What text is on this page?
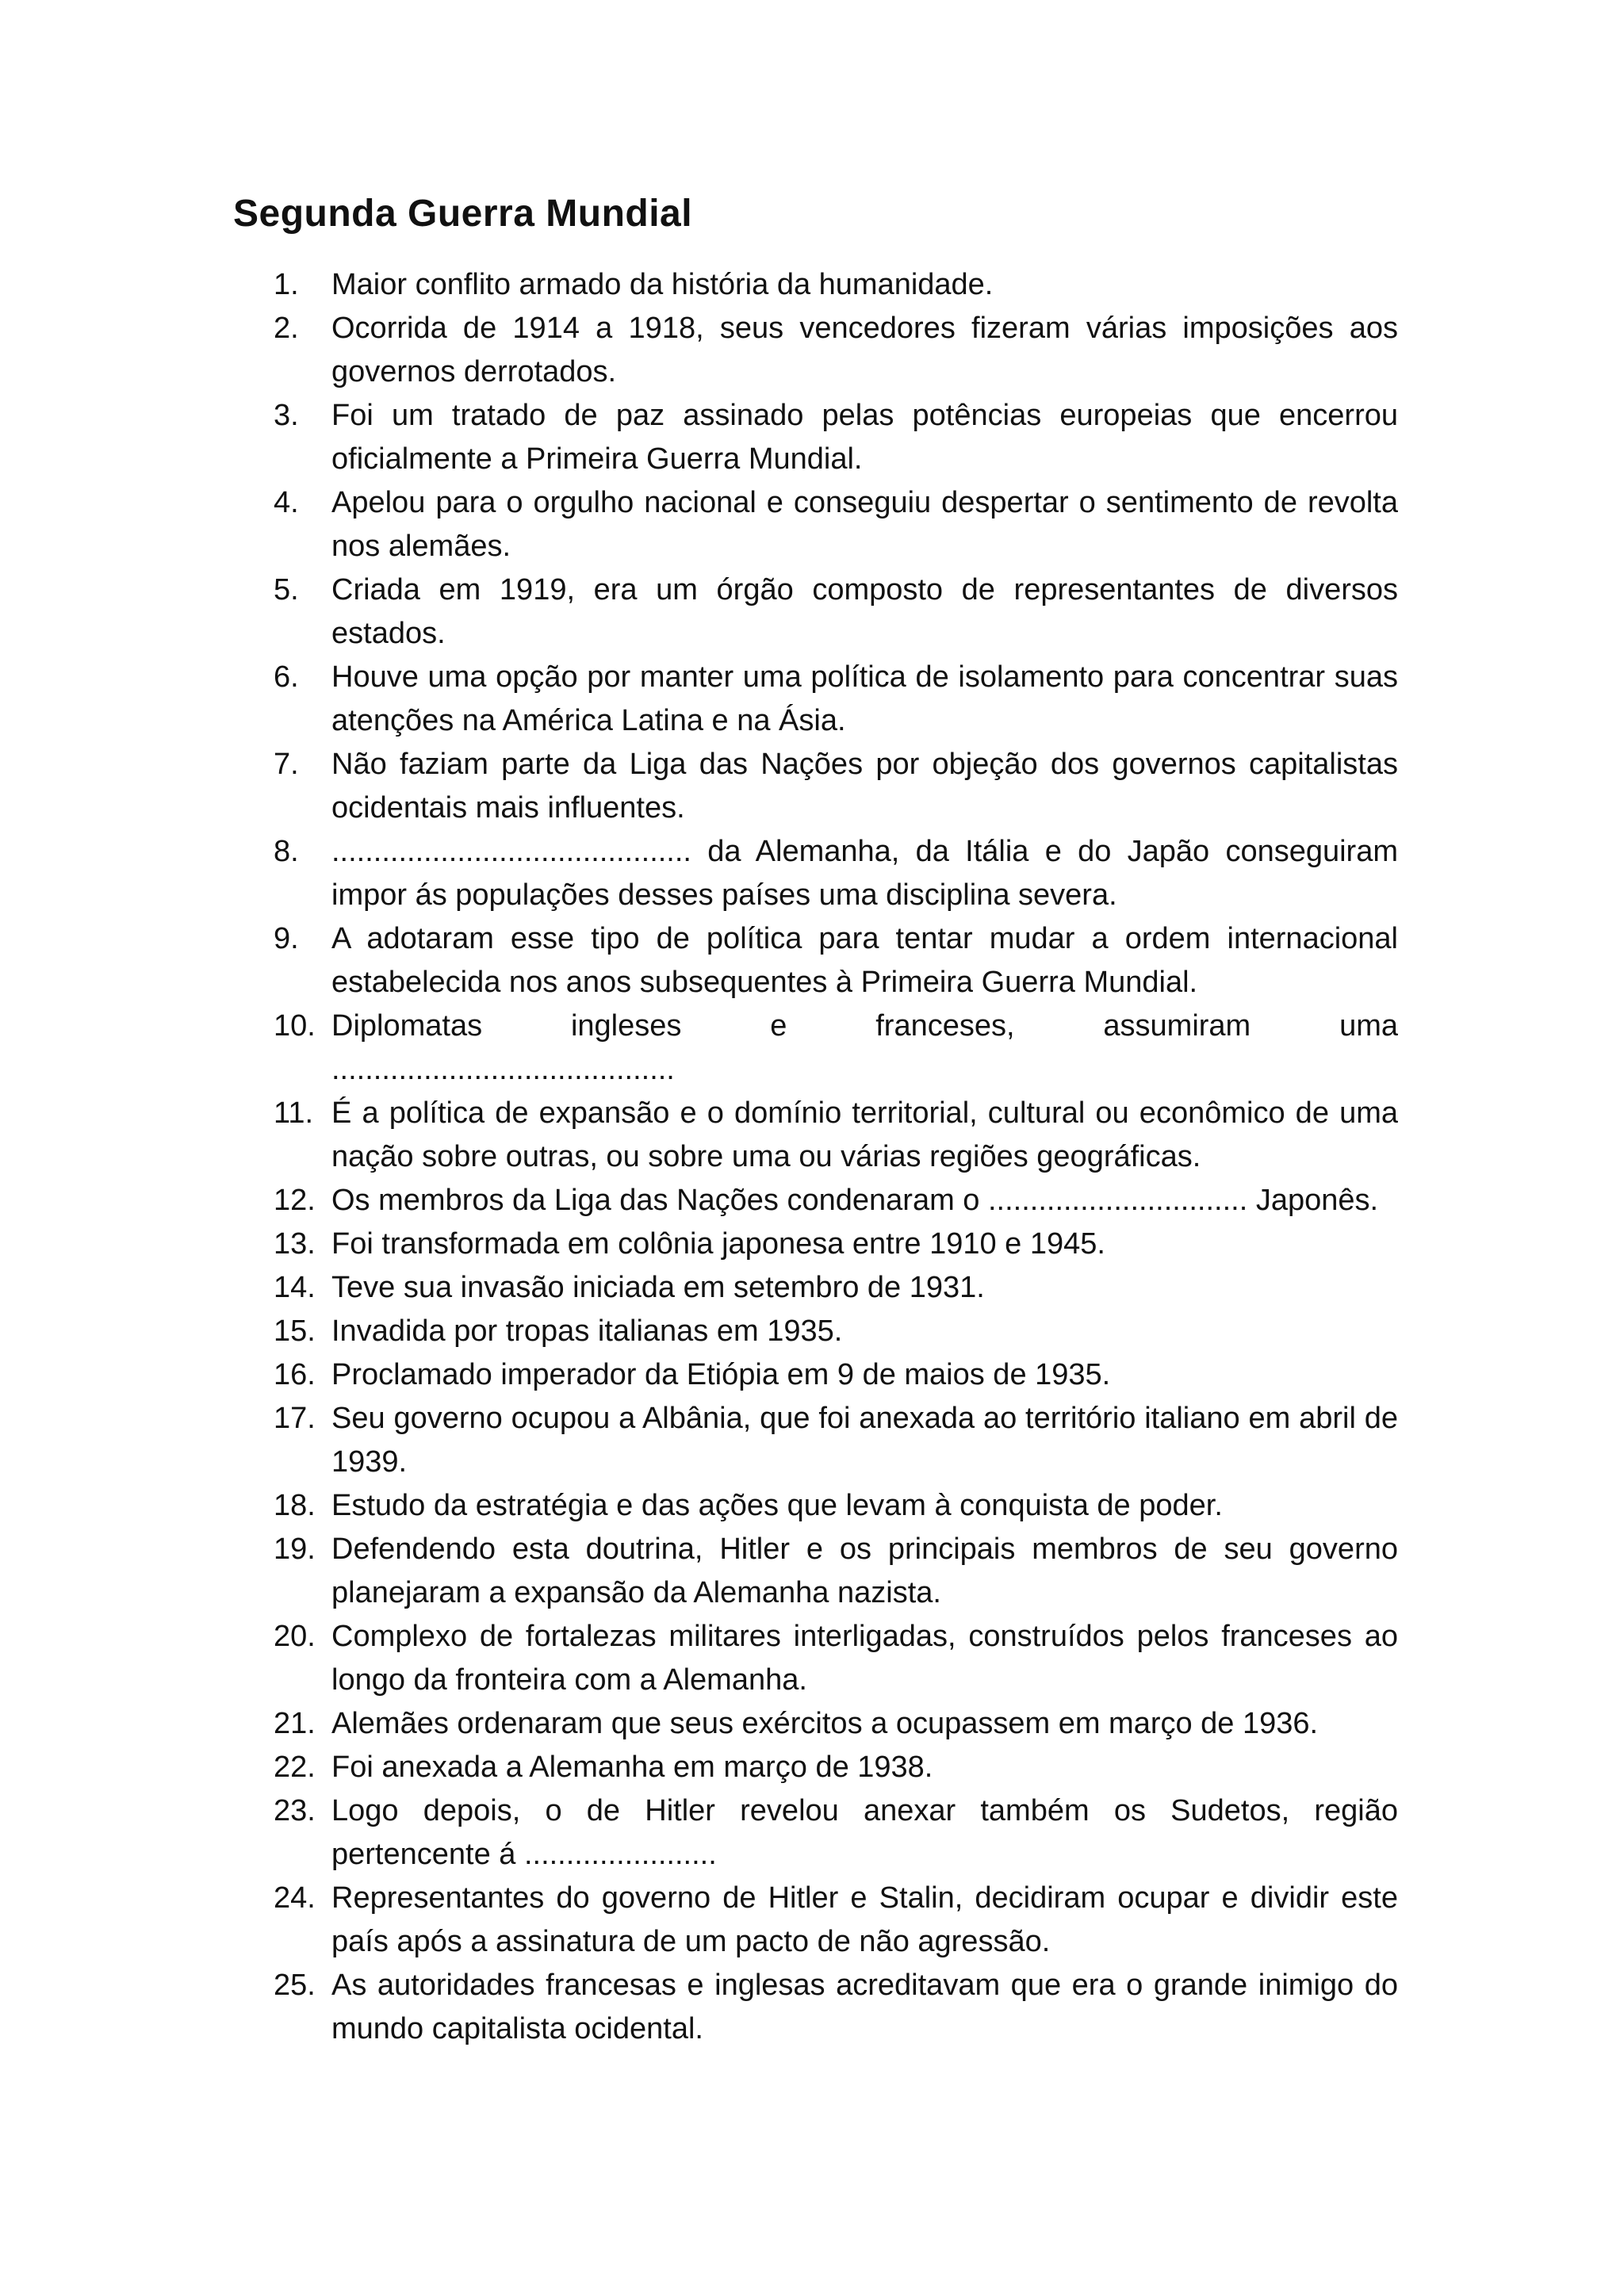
Segunda Guerra Mundial
1.	Maior conflito armado da história da humanidade.
2.	Ocorrida de 1914 a 1918, seus vencedores fizeram várias imposições aos governos derrotados.
3.	Foi um tratado de paz assinado pelas potências europeias que encerrou oficialmente a Primeira Guerra Mundial.
4.	Apelou para o orgulho nacional e conseguiu despertar o sentimento de revolta nos alemães.
5.	Criada em 1919, era um órgão composto de representantes de diversos estados.
6.	Houve uma opção por manter uma política de isolamento para concentrar suas atenções na América Latina e na Ásia.
7.	Não faziam parte da Liga das Nações por objeção dos governos capitalistas ocidentais mais influentes.
8.	........................................... da Alemanha, da Itália e do Japão conseguiram impor ás populações desses países uma disciplina severa.
9.	A adotaram esse tipo de política para tentar mudar a ordem internacional estabelecida nos anos subsequentes à Primeira Guerra Mundial.
10. Diplomatas ingleses e franceses, assumiram uma
.........................................
11. É a política de expansão e o domínio territorial, cultural ou econômico de uma nação sobre outras, ou sobre uma ou várias regiões geográficas.
12. Os membros da Liga das Nações condenaram o ............................... Japonês.
13. Foi transformada em colônia japonesa entre 1910 e 1945.
14. Teve sua invasão iniciada em setembro de 1931.
15. Invadida por tropas italianas em 1935.
16. Proclamado imperador da Etiópia em 9 de maios de 1935.
17. Seu governo ocupou a Albânia, que foi anexada ao território italiano em abril de 1939.
18. Estudo da estratégia e das ações que levam à conquista de poder.
19. Defendendo esta doutrina, Hitler e os principais membros de seu governo planejaram a expansão da Alemanha nazista.
20. Complexo de fortalezas militares interligadas, construídos pelos franceses ao longo da fronteira com a Alemanha.
21. Alemães ordenaram que seus exércitos a ocupassem em março de 1936.
22. Foi anexada a Alemanha em março de 1938.
23. Logo depois, o de Hitler revelou anexar também os Sudetos, região pertencente á .......................
24. Representantes do governo de Hitler e Stalin, decidiram ocupar e dividir este país após a assinatura de um pacto de não agressão.
25. As autoridades francesas e inglesas acreditavam que era o grande inimigo do mundo capitalista ocidental.
